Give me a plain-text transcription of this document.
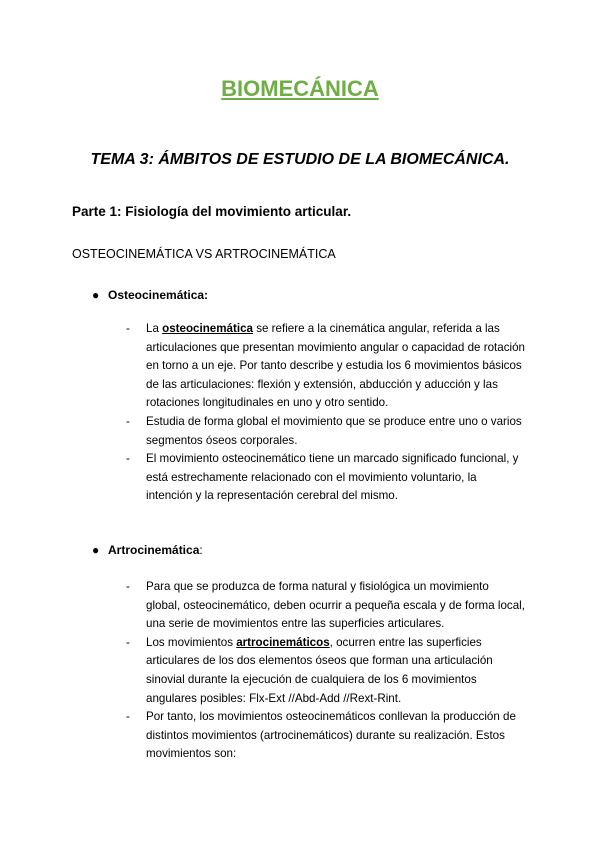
BIOMECÁNICA
TEMA 3: ÁMBITOS DE ESTUDIO DE LA BIOMECÁNICA.
Parte 1: Fisiología del movimiento articular.
OSTEOCINEMÁTICA VS ARTROCINEMÁTICA
● Osteocinemática:
- La osteocinemática se refiere a la cinemática angular, referida a las articulaciones que presentan movimiento angular o capacidad de rotación en torno a un eje. Por tanto describe y estudia los 6 movimientos básicos de las articulaciones: flexión y extensión, abducción y aducción y las rotaciones longitudinales en uno y otro sentido.

- Estudia de forma global el movimiento que se produce entre uno o varios segmentos óseos corporales.

- El movimiento osteocinemático tiene un marcado significado funcional, y está estrechamente relacionado con el movimiento voluntario, la intención y la representación cerebral del mismo.

● Artrocinemática:
- Para que se produzca de forma natural y fisiológica un movimiento global, osteocinemático, deben ocurrir a pequeña escala y de forma local, una serie de movimientos entre las superficies articulares.

- Los movimientos artrocinemáticos, ocurren entre las superficies articulares de los dos elementos óseos que forman una articulación sinovial durante la ejecución de cualquiera de los 6 movimientos angulares posibles: Flx-Ext //Abd-Add //Rext-Rint.

- Por tanto, los movimientos osteocinemáticos conllevan la producción de distintos movimientos (artrocinemáticos) durante su realización. Estos movimientos son:
